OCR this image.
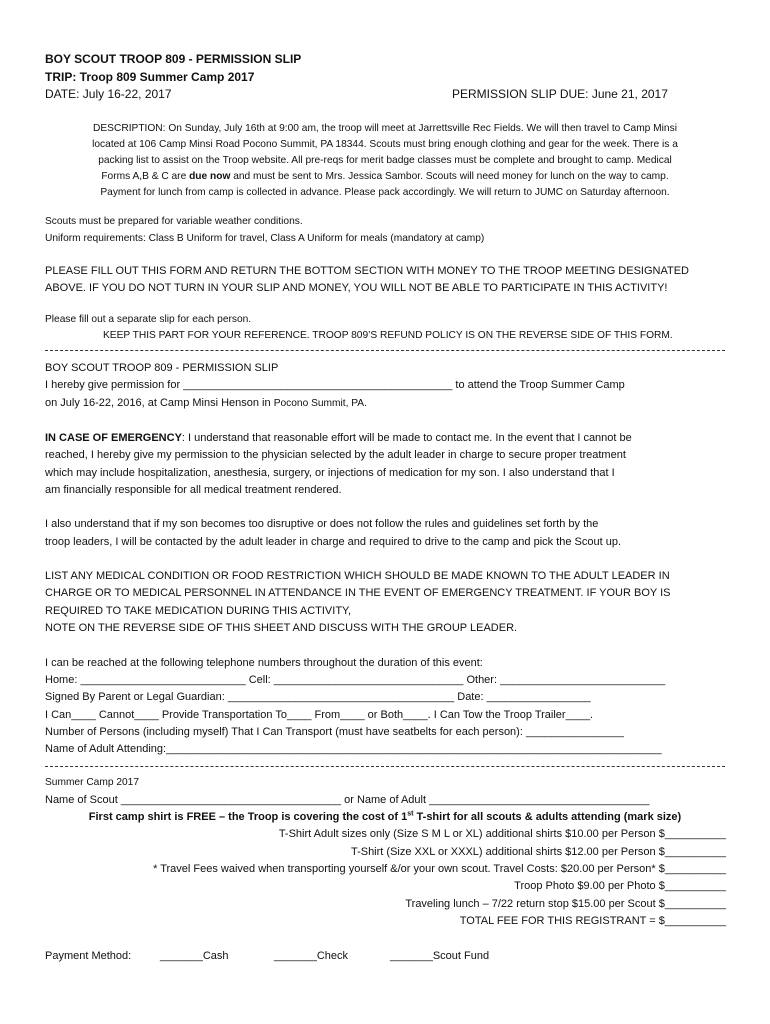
BOY SCOUT TROOP 809 - PERMISSION SLIP
TRIP: Troop 809 Summer Camp 2017
DATE: July 16-22, 2017	PERMISSION SLIP DUE: June 21, 2017
DESCRIPTION: On Sunday, July 16th at 9:00 am, the troop will meet at Jarrettsville Rec Fields. We will then travel to Camp Minsi
located at 106 Camp Minsi Road Pocono Summit, PA 18344. Scouts must bring enough clothing and gear for the week. There is a
packing list to assist on the Troop website. All pre-reqs for merit badge classes must be complete and brought to camp. Medical
Forms A,B & C are due now and must be sent to Mrs. Jessica Sambor. Scouts will need money for lunch on the way to camp.
Payment for lunch from camp is collected in advance. Please pack accordingly. We will return to JUMC on Saturday afternoon.
Scouts must be prepared for variable weather conditions.
Uniform requirements: Class B Uniform for travel, Class A Uniform for meals (mandatory at camp)
PLEASE FILL OUT THIS FORM AND RETURN THE BOTTOM SECTION WITH MONEY TO THE TROOP MEETING DESIGNATED
ABOVE. IF YOU DO NOT TURN IN YOUR SLIP AND MONEY, YOU WILL NOT BE ABLE TO PARTICIPATE IN THIS ACTIVITY!
Please fill out a separate slip for each person.
KEEP THIS PART FOR YOUR REFERENCE. TROOP 809’S REFUND POLICY IS ON THE REVERSE SIDE OF THIS FORM.
BOY SCOUT TROOP 809 - PERMISSION SLIP
I hereby give permission for ____________________________________________ to attend the Troop Summer Camp
on July 16-22, 2016, at Camp Minsi Henson in Pocono Summit, PA.
IN CASE OF EMERGENCY: I understand that reasonable effort will be made to contact me. In the event that I cannot be
reached, I hereby give my permission to the physician selected by the adult leader in charge to secure proper treatment
which may include hospitalization, anesthesia, surgery, or injections of medication for my son. I also understand that I
am financially responsible for all medical treatment rendered.
I also understand that if my son becomes too disruptive or does not follow the rules and guidelines set forth by the
troop leaders, I will be contacted by the adult leader in charge and required to drive to the camp and pick the Scout up.
LIST ANY MEDICAL CONDITION OR FOOD RESTRICTION WHICH SHOULD BE MADE KNOWN TO THE ADULT LEADER IN
CHARGE OR TO MEDICAL PERSONNEL IN ATTENDANCE IN THE EVENT OF EMERGENCY TREATMENT. IF YOUR BOY IS
REQUIRED TO TAKE MEDICATION DURING THIS ACTIVITY,
NOTE ON THE REVERSE SIDE OF THIS SHEET AND DISCUSS WITH THE GROUP LEADER.
I can be reached at the following telephone numbers throughout the duration of this event:
Home: ___________________________ Cell: _______________________________ Other: ___________________________
Signed By Parent or Legal Guardian: _____________________________________ Date: _________________
I Can____ Cannot____ Provide Transportation To____ From____ or Both____. I Can Tow the Troop Trailer____.
Number of Persons (including myself) That I Can Transport (must have seatbelts for each person): ________________
Name of Adult Attending:_________________________________________________________________________________
Summer Camp 2017
Name of Scout ____________________________________ or Name of Adult ____________________________________
First camp shirt is FREE – the Troop is covering the cost of 1st T-shirt for all scouts & adults attending (mark size)
T-Shirt Adult sizes only (Size S M L or XL) additional shirts $10.00 per Person $__________
T-Shirt (Size XXL or XXXL) additional shirts $12.00 per Person $__________
* Travel Fees waived when transporting yourself &/or your own scout. Travel Costs: $20.00 per Person* $__________
Troop Photo $9.00 per Photo $__________
Traveling lunch – 7/22 return stop $15.00 per Scout $__________
TOTAL FEE FOR THIS REGISTRANT = $__________
Payment Method:	_______Cash	_______Check	_______Scout Fund
